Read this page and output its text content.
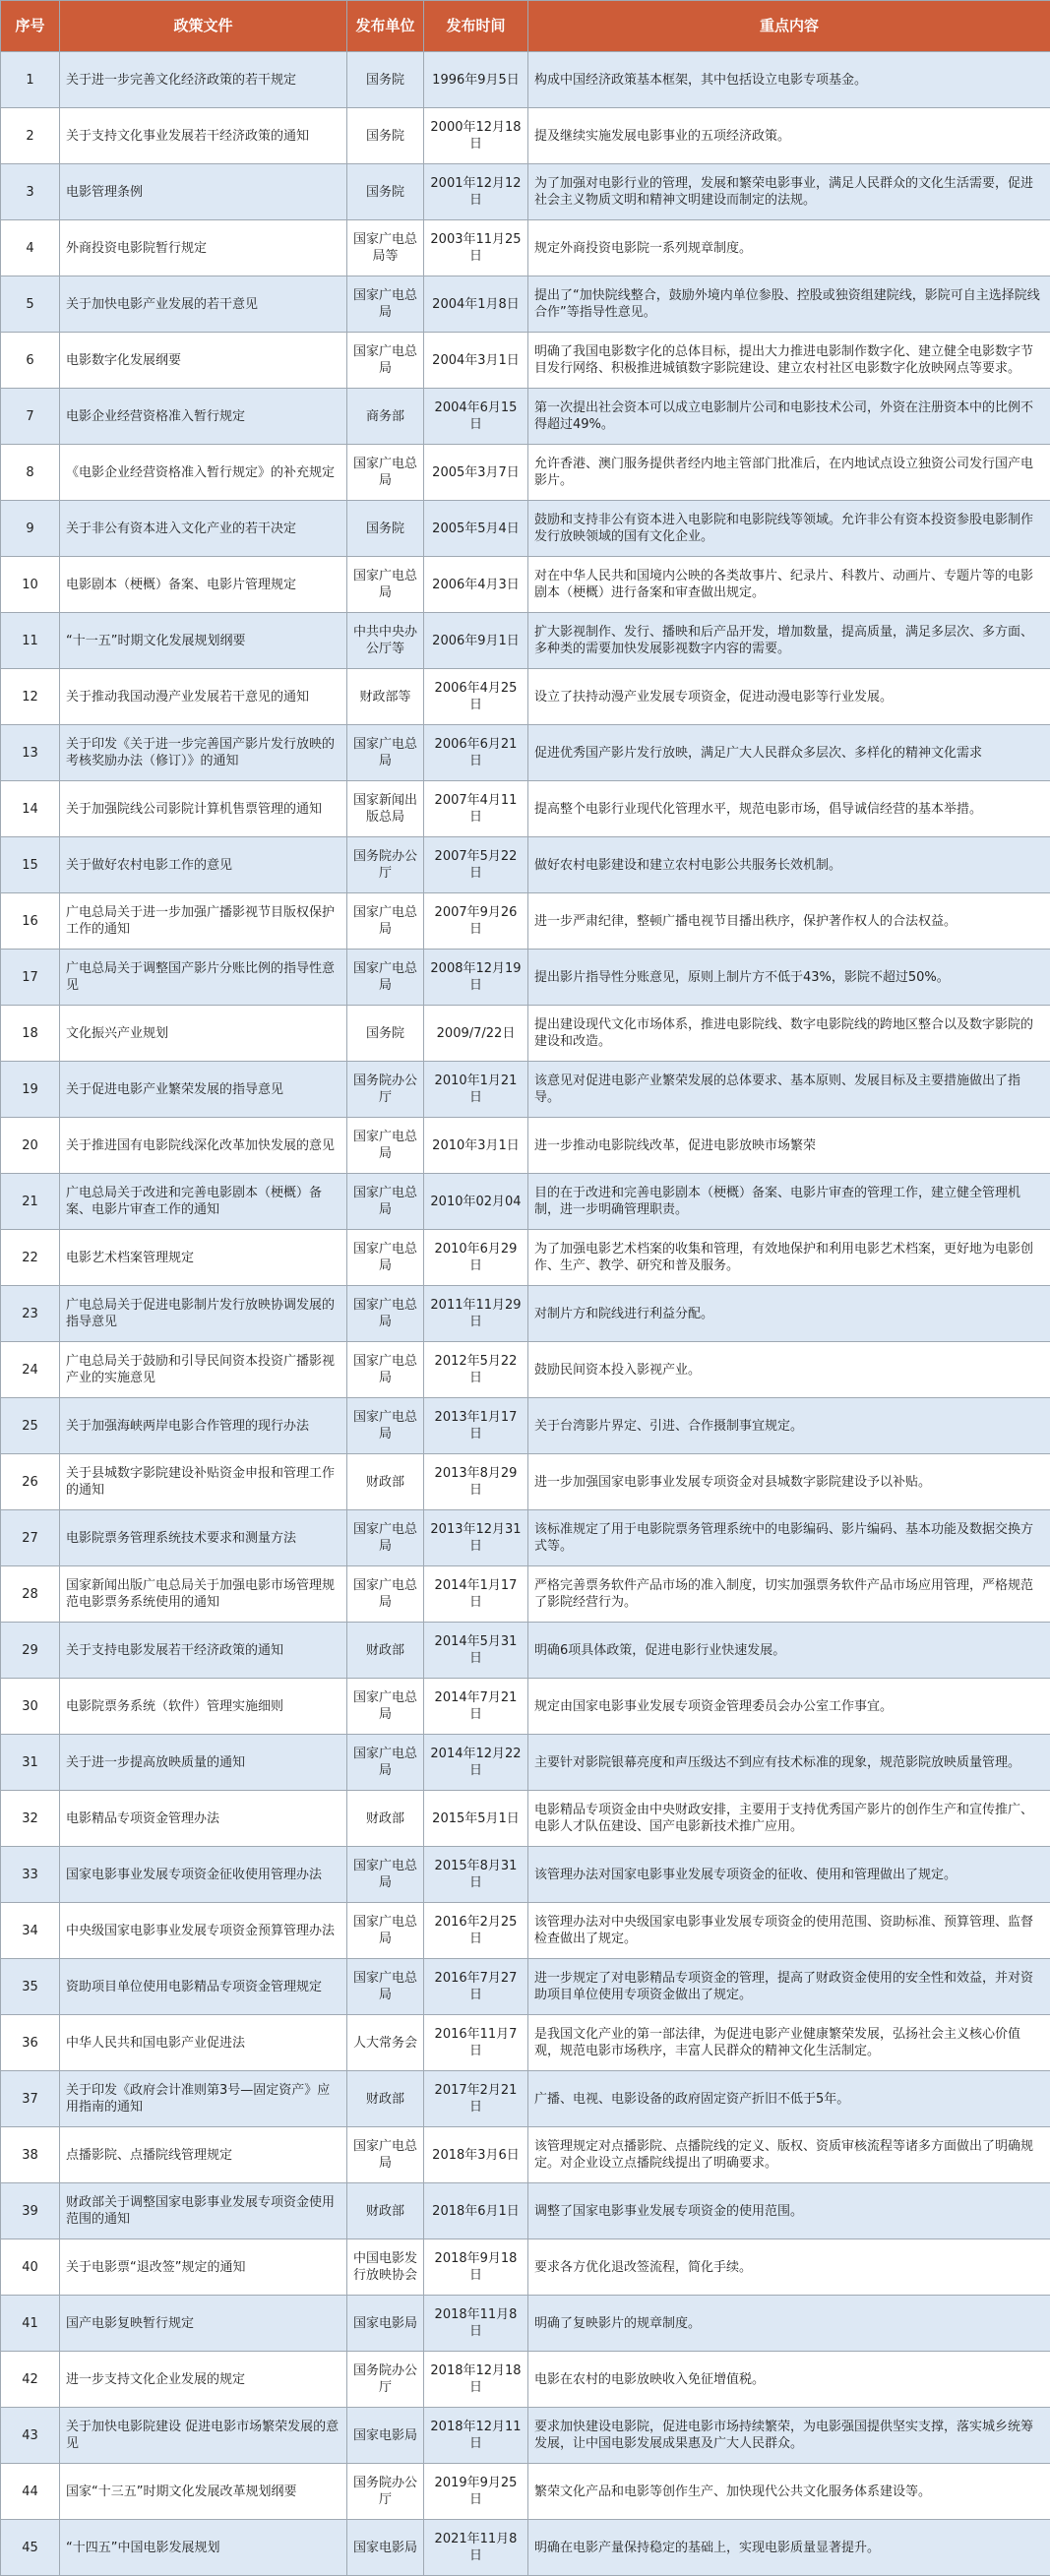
序号	政策文件	发布单位	发布时间	重点内容
1	关于进一步完善文化经济政策的若干规定	国务院	1996年9月5日	构成中国经济政策基本框架，其中包括设立电影专项基金。
2	关于支持文化事业发展若干经济政策的通知	国务院	2000年12月18日	提及继续实施发展电影事业的五项经济政策。
3	电影管理条例	国务院	2001年12月12日	为了加强对电影行业的管理，发展和繁荣电影事业，满足人民群众的文化生活需要，促进社会主义物质文明和精神文明建设而制定的法规。
4	外商投资电影院暂行规定	国家广电总局等	2003年11月25日	规定外商投资电影院一系列规章制度。
5	关于加快电影产业发展的若干意见	国家广电总局	2004年1月8日	提出了“加快院线整合，鼓励外境内单位参股、控股或独资组建院线，影院可自主选择院线合作”等指导性意见。
6	电影数字化发展纲要	国家广电总局	2004年3月1日	明确了我国电影数字化的总体目标，提出大力推进电影制作数字化、建立健全电影数字节目发行网络、积极推进城镇数字影院建设、建立农村社区电影数字化放映网点等要求。
7	电影企业经营资格准入暂行规定	商务部	2004年6月15日	第一次提出社会资本可以成立电影制片公司和电影技术公司，外资在注册资本中的比例不得超过49%。
8	《电影企业经营资格准入暂行规定》的补充规定	国家广电总局	2005年3月7日	允许香港、澳门服务提供者经内地主管部门批准后，在内地试点设立独资公司发行国产电影片。
9	关于非公有资本进入文化产业的若干决定	国务院	2005年5月4日	鼓励和支持非公有资本进入电影院和电影院线等领域。允许非公有资本投资参股电影制作发行放映领域的国有文化企业。
10	电影剧本（梗概）备案、电影片管理规定	国家广电总局	2006年4月3日	对在中华人民共和国境内公映的各类故事片、纪录片、科教片、动画片、专题片等的电影剧本（梗概）进行备案和审查做出规定。
11	“十一五”时期文化发展规划纲要	中共中央办公厅等	2006年9月1日	扩大影视制作、发行、播映和后产品开发，增加数量，提高质量，满足多层次、多方面、多种类的需要加快发展影视数字内容的需要。
12	关于推动我国动漫产业发展若干意见的通知	财政部等	2006年4月25日	设立了扶持动漫产业发展专项资金，促进动漫电影等行业发展。
13	关于印发《关于进一步完善国产影片发行放映的考核奖励办法（修订）》的通知	国家广电总局	2006年6月21日	促进优秀国产影片发行放映，满足广大人民群众多层次、多样化的精神文化需求
14	关于加强院线公司影院计算机售票管理的通知	国家新闻出版总局	2007年4月11日	提高整个电影行业现代化管理水平，规范电影市场，倡导诚信经营的基本举措。
15	关于做好农村电影工作的意见	国务院办公厅	2007年5月22日	做好农村电影建设和建立农村电影公共服务长效机制。
16	广电总局关于进一步加强广播影视节目版权保护工作的通知	国家广电总局	2007年9月26日	进一步严肃纪律，整顿广播电视节目播出秩序，保护著作权人的合法权益。
17	广电总局关于调整国产影片分账比例的指导性意见	国家广电总局	2008年12月19日	提出影片指导性分账意见，原则上制片方不低于43%，影院不超过50%。
18	文化振兴产业规划	国务院	2009/7/22日	提出建设现代文化市场体系，推进电影院线、数字电影院线的跨地区整合以及数字影院的建设和改造。
19	关于促进电影产业繁荣发展的指导意见	国务院办公厅	2010年1月21日	该意见对促进电影产业繁荣发展的总体要求、基本原则、发展目标及主要措施做出了指导。
20	关于推进国有电影院线深化改革加快发展的意见	国家广电总局	2010年3月1日	进一步推动电影院线改革，促进电影放映市场繁荣
21	广电总局关于改进和完善电影剧本（梗概）备案、电影片审查工作的通知	国家广电总局	2010年02月04	目的在于改进和完善电影剧本（梗概）备案、电影片审查的管理工作，建立健全管理机制，进一步明确管理职责。
22	电影艺术档案管理规定	国家广电总局	2010年6月29日	为了加强电影艺术档案的收集和管理，有效地保护和利用电影艺术档案，更好地为电影创作、生产、教学、研究和普及服务。
23	广电总局关于促进电影制片发行放映协调发展的指导意见	国家广电总局	2011年11月29日	对制片方和院线进行利益分配。
24	广电总局关于鼓励和引导民间资本投资广播影视产业的实施意见	国家广电总局	2012年5月22日	鼓励民间资本投入影视产业。
25	关于加强海峡两岸电影合作管理的现行办法	国家广电总局	2013年1月17日	关于台湾影片界定、引进、合作摄制事宜规定。
26	关于县城数字影院建设补贴资金申报和管理工作的通知	财政部	2013年8月29日	进一步加强国家电影事业发展专项资金对县城数字影院建设予以补贴。
27	电影院票务管理系统技术要求和测量方法	国家广电总局	2013年12月31日	该标准规定了用于电影院票务管理系统中的电影编码、影片编码、基本功能及数据交换方式等。
28	国家新闻出版广电总局关于加强电影市场管理规范电影票务系统使用的通知	国家广电总局	2014年1月17日	严格完善票务软件产品市场的准入制度，切实加强票务软件产品市场应用管理，严格规范了影院经营行为。
29	关于支持电影发展若干经济政策的通知	财政部	2014年5月31日	明确6项具体政策，促进电影行业快速发展。
30	电影院票务系统（软件）管理实施细则	国家广电总局	2014年7月21日	规定由国家电影事业发展专项资金管理委员会办公室工作事宜。
31	关于进一步提高放映质量的通知	国家广电总局	2014年12月22日	主要针对影院银幕亮度和声压级达不到应有技术标准的现象，规范影院放映质量管理。
32	电影精品专项资金管理办法	财政部	2015年5月1日	电影精品专项资金由中央财政安排，主要用于支持优秀国产影片的创作生产和宣传推广、电影人才队伍建设、国产电影新技术推广应用。
33	国家电影事业发展专项资金征收使用管理办法	国家广电总局	2015年8月31日	该管理办法对国家电影事业发展专项资金的征收、使用和管理做出了规定。
34	中央级国家电影事业发展专项资金预算管理办法	国家广电总局	2016年2月25日	该管理办法对中央级国家电影事业发展专项资金的使用范围、资助标准、预算管理、监督检查做出了规定。
35	资助项目单位使用电影精品专项资金管理规定	国家广电总局	2016年7月27日	进一步规定了对电影精品专项资金的管理，提高了财政资金使用的安全性和效益，并对资助项目单位使用专项资金做出了规定。
36	中华人民共和国电影产业促进法	人大常务会	2016年11月7日	是我国文化产业的第一部法律，为促进电影产业健康繁荣发展，弘扬社会主义核心价值观，规范电影市场秩序，丰富人民群众的精神文化生活制定。
37	关于印发《政府会计准则第3号—固定资产》应用指南的通知	财政部	2017年2月21日	广播、电视、电影设备的政府固定资产折旧不低于5年。
38	点播影院、点播院线管理规定	国家广电总局	2018年3月6日	该管理规定对点播影院、点播院线的定义、版权、资质审核流程等诸多方面做出了明确规定。对企业设立点播院线提出了明确要求。
39	财政部关于调整国家电影事业发展专项资金使用范围的通知	财政部	2018年6月1日	调整了国家电影事业发展专项资金的使用范围。
40	关于电影票“退改签”规定的通知	中国电影发行放映协会	2018年9月18日	要求各方优化退改签流程，简化手续。
41	国产电影复映暂行规定	国家电影局	2018年11月8日	明确了复映影片的规章制度。
42	进一步支持文化企业发展的规定	国务院办公厅	2018年12月18日	电影在农村的电影放映收入免征增值税。
43	关于加快电影院建设 促进电影市场繁荣发展的意见	国家电影局	2018年12月11日	要求加快建设电影院，促进电影市场持续繁荣，为电影强国提供坚实支撑，落实城乡统筹发展，让中国电影发展成果惠及广大人民群众。
44	国家“十三五”时期文化发展改革规划纲要	国务院办公厅	2019年9月25日	繁荣文化产品和电影等创作生产、加快现代公共文化服务体系建设等。
45	“十四五”中国电影发展规划	国家电影局	2021年11月8日	明确在电影产量保持稳定的基础上，实现电影质量显著提升。
